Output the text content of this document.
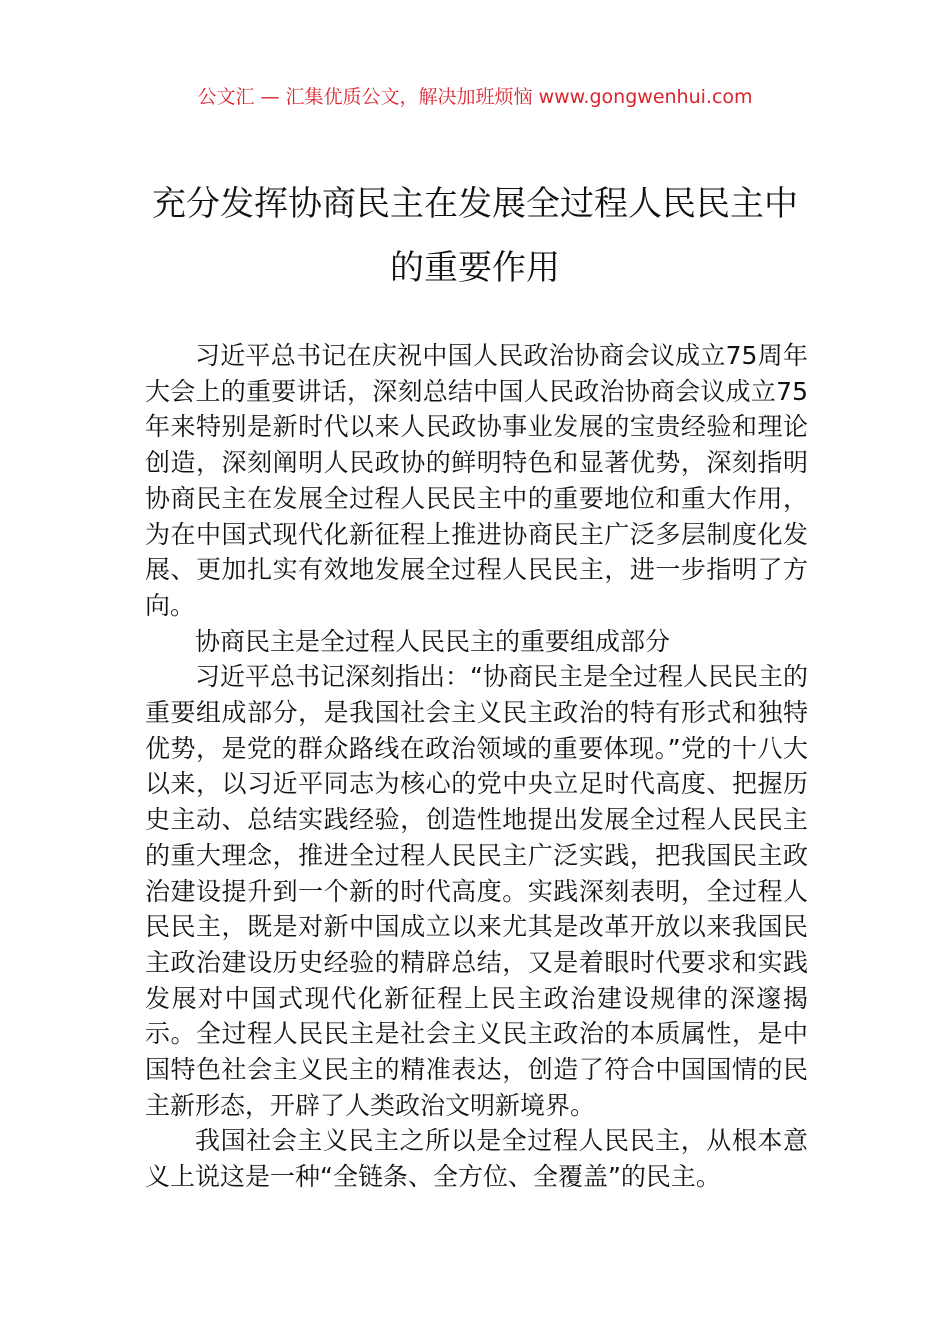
公文汇 — 汇集优质公文，解决加班烦恼 www.gongwenhui.com
充分发挥协商民主在发展全过程人民民主中的重要作用

习近平总书记在庆祝中国人民政治协商会议成立75周年大会上的重要讲话，深刻总结中国人民政治协商会议成立75年来特别是新时代以来人民政协事业发展的宝贵经验和理论创造，深刻阐明人民政协的鲜明特色和显著优势，深刻指明协商民主在发展全过程人民民主中的重要地位和重大作用，为在中国式现代化新征程上推进协商民主广泛多层制度化发展、更加扎实有效地发展全过程人民民主，进一步指明了方向。

协商民主是全过程人民民主的重要组成部分

习近平总书记深刻指出：“协商民主是全过程人民民主的重要组成部分，是我国社会主义民主政治的特有形式和独特优势，是党的群众路线在政治领域的重要体现。”党的十八大以来，以习近平同志为核心的党中央立足时代高度、把握历史主动、总结实践经验，创造性地提出发展全过程人民民主的重大理念，推进全过程人民民主广泛实践，把我国民主政治建设提升到一个新的时代高度。实践深刻表明，全过程人民民主，既是对新中国成立以来尤其是改革开放以来我国民主政治建设历史经验的精辟总结，又是着眼时代要求和实践发展对中国式现代化新征程上民主政治建设规律的深邃揭示。全过程人民民主是社会主义民主政治的本质属性，是中国特色社会主义民主的精准表达，创造了符合中国国情的民主新形态，开辟了人类政治文明新境界。

我国社会主义民主之所以是全过程人民民主，从根本意义上说这是一种“全链条、全方位、全覆盖”的民主。
